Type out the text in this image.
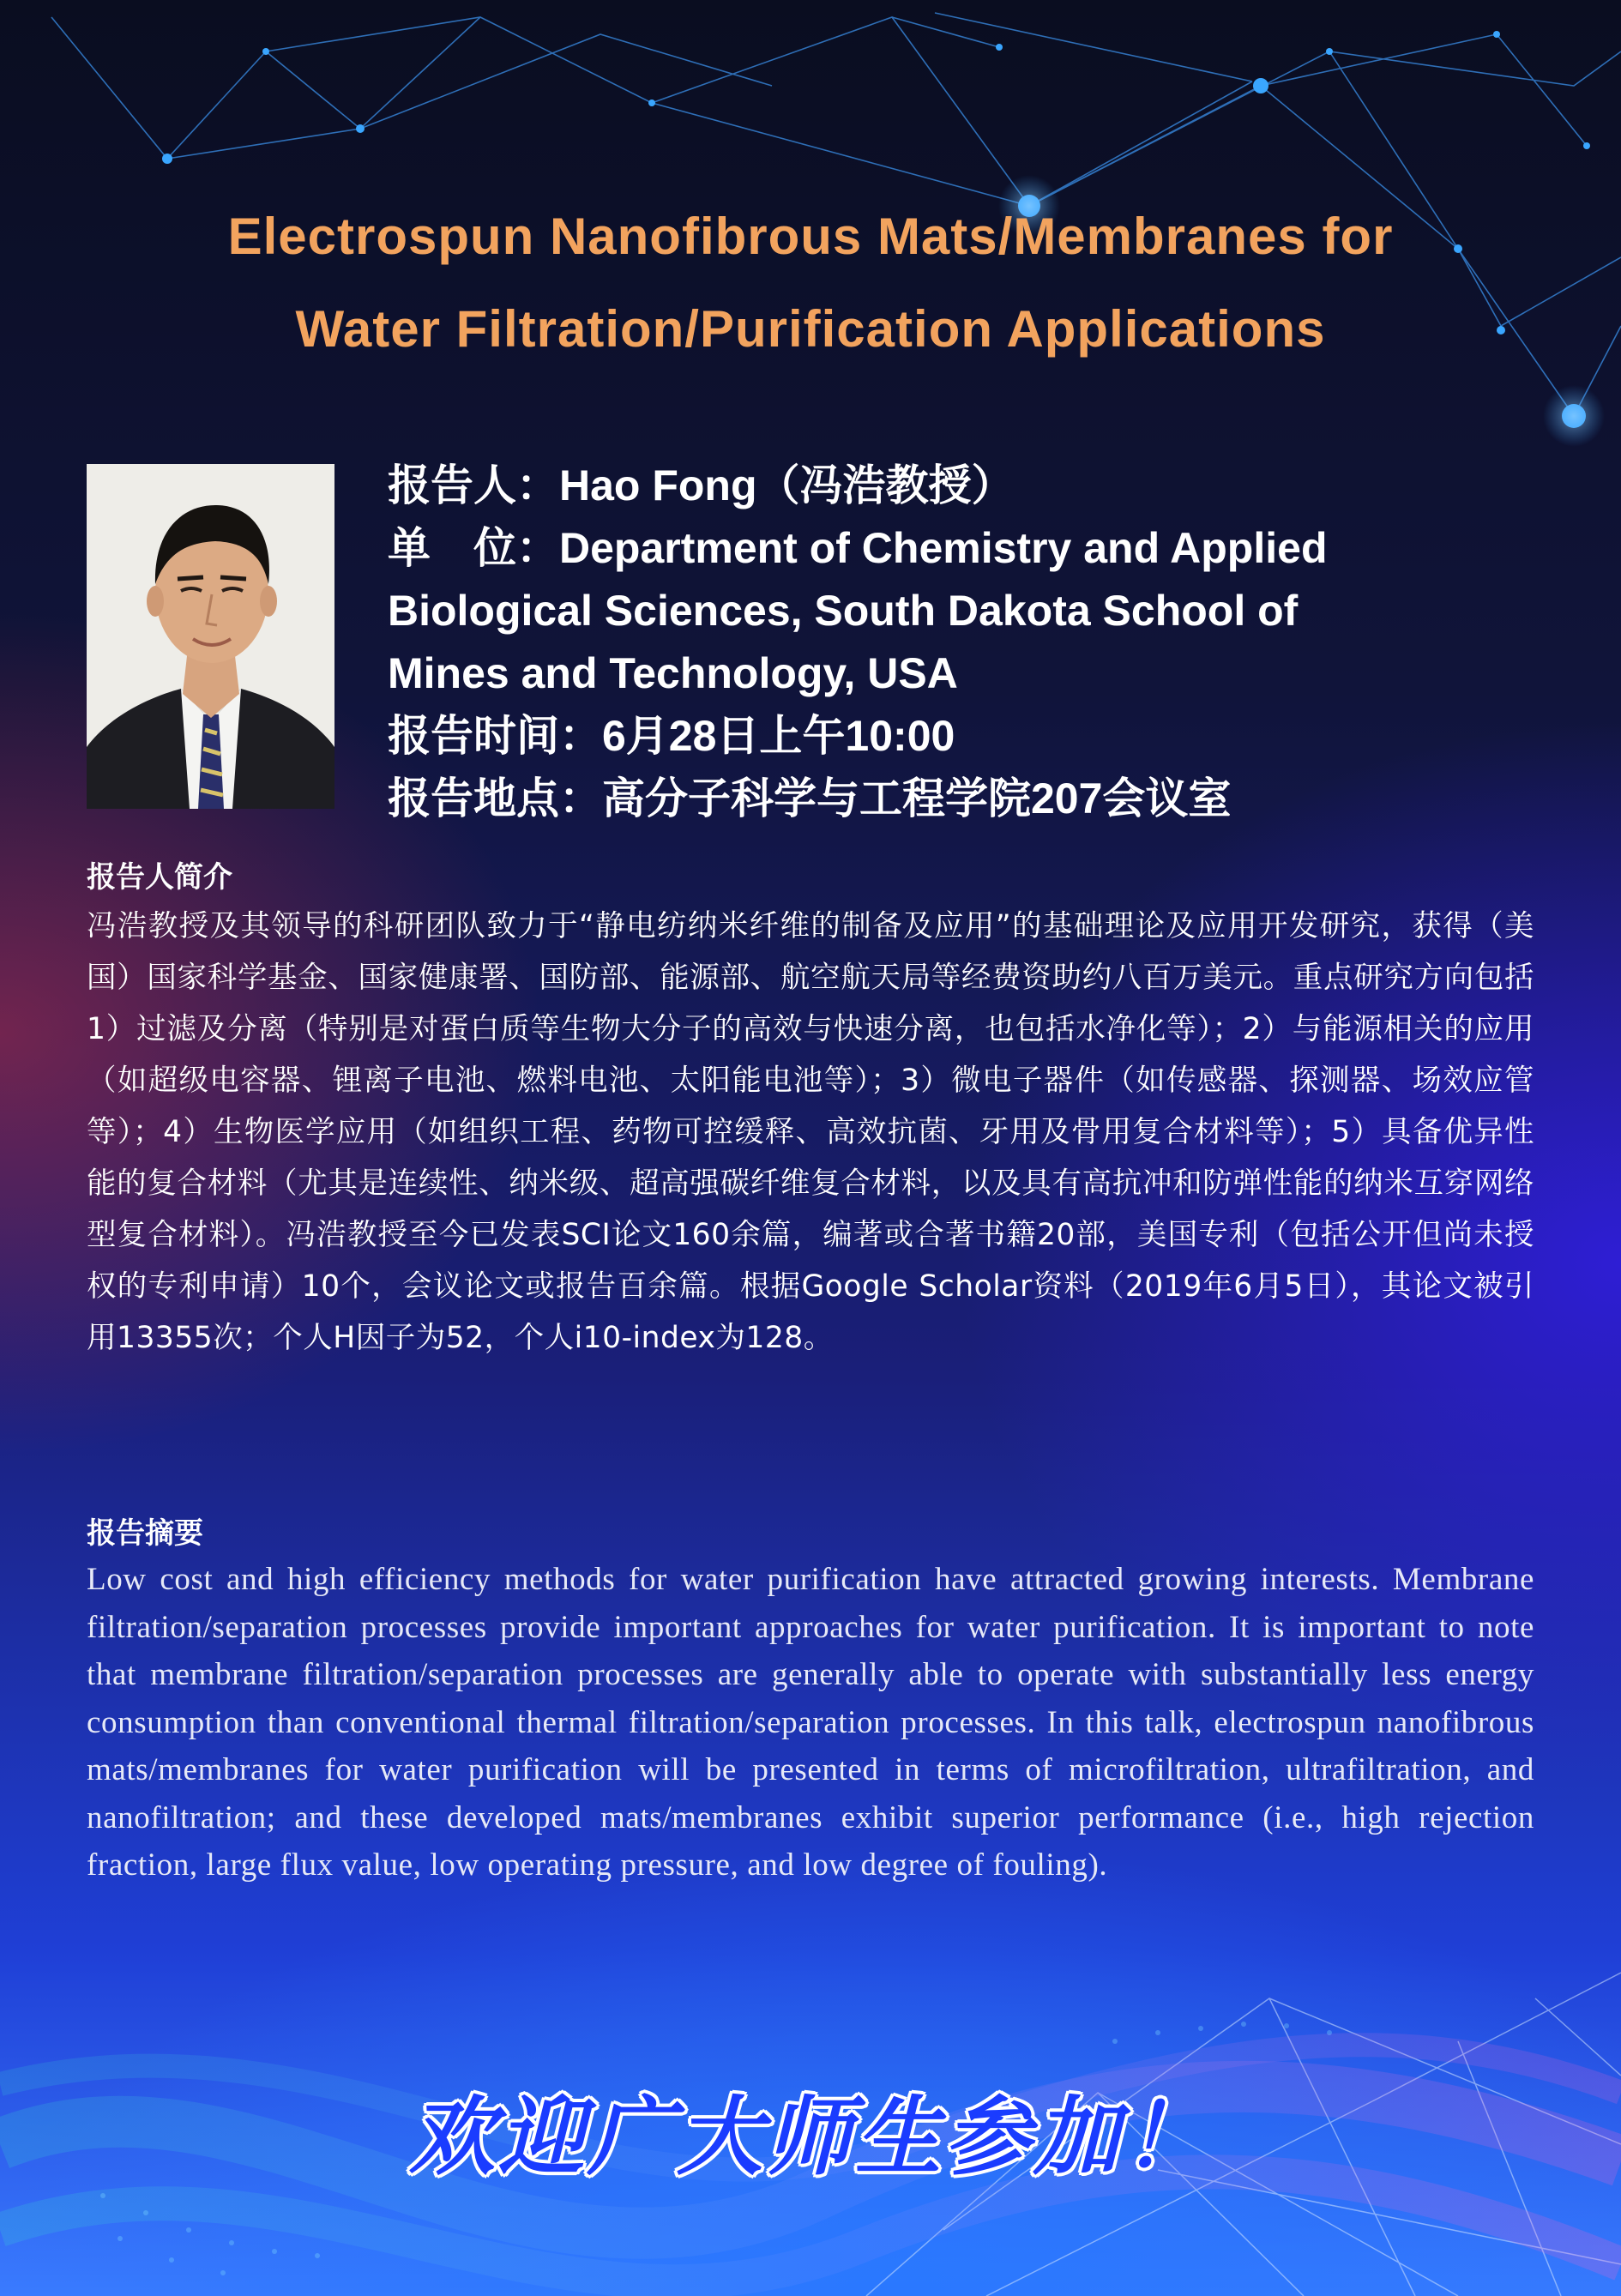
Electrospun Nanofibrous Mats/Membranes for
Water Filtration/Purification Applications
报告人：Hao Fong（冯浩教授）
单　位：Department of Chemistry and Applied
Biological Sciences, South Dakota School of
Mines and Technology, USA
报告时间：6月28日上午10:00
报告地点：高分子科学与工程学院207会议室
报告人简介
冯浩教授及其领导的科研团队致力于“静电纺纳米纤维的制备及应用”的基础理论及应用开发研究，获得（美国）国家科学基金、国家健康署、国防部、能源部、航空航天局等经费资助约八百万美元。重点研究方向包括1）过滤及分离（特别是对蛋白质等生物大分子的高效与快速分离，也包括水净化等）；2）与能源相关的应用（如超级电容器、锂离子电池、燃料电池、太阳能电池等）；3）微电子器件（如传感器、探测器、场效应管等）；4）生物医学应用（如组织工程、药物可控缓释、高效抗菌、牙用及骨用复合材料等）；5）具备优异性能的复合材料（尤其是连续性、纳米级、超高强碳纤维复合材料，以及具有高抗冲和防弹性能的纳米互穿网络型复合材料）。冯浩教授至今已发表SCI论文160余篇，编著或合著书籍20部，美国专利（包括公开但尚未授权的专利申请）10个，会议论文或报告百余篇。根据Google Scholar资料（2019年6月5日），其论文被引用13355次；个人H因子为52，个人i10-index为128。
报告摘要
Low cost and high efficiency methods for water purification have attracted growing interests. Membrane filtration/separation processes provide important approaches for water purification. It is important to note that membrane filtration/separation processes are generally able to operate with substantially less energy consumption than conventional thermal filtration/separation processes. In this talk, electrospun nanofibrous mats/membranes for water purification will be presented in terms of microfiltration, ultrafiltration, and nanofiltration; and these developed mats/membranes exhibit superior performance (i.e., high rejection fraction, large flux value, low operating pressure, and low degree of fouling).
欢迎广大师生参加！
